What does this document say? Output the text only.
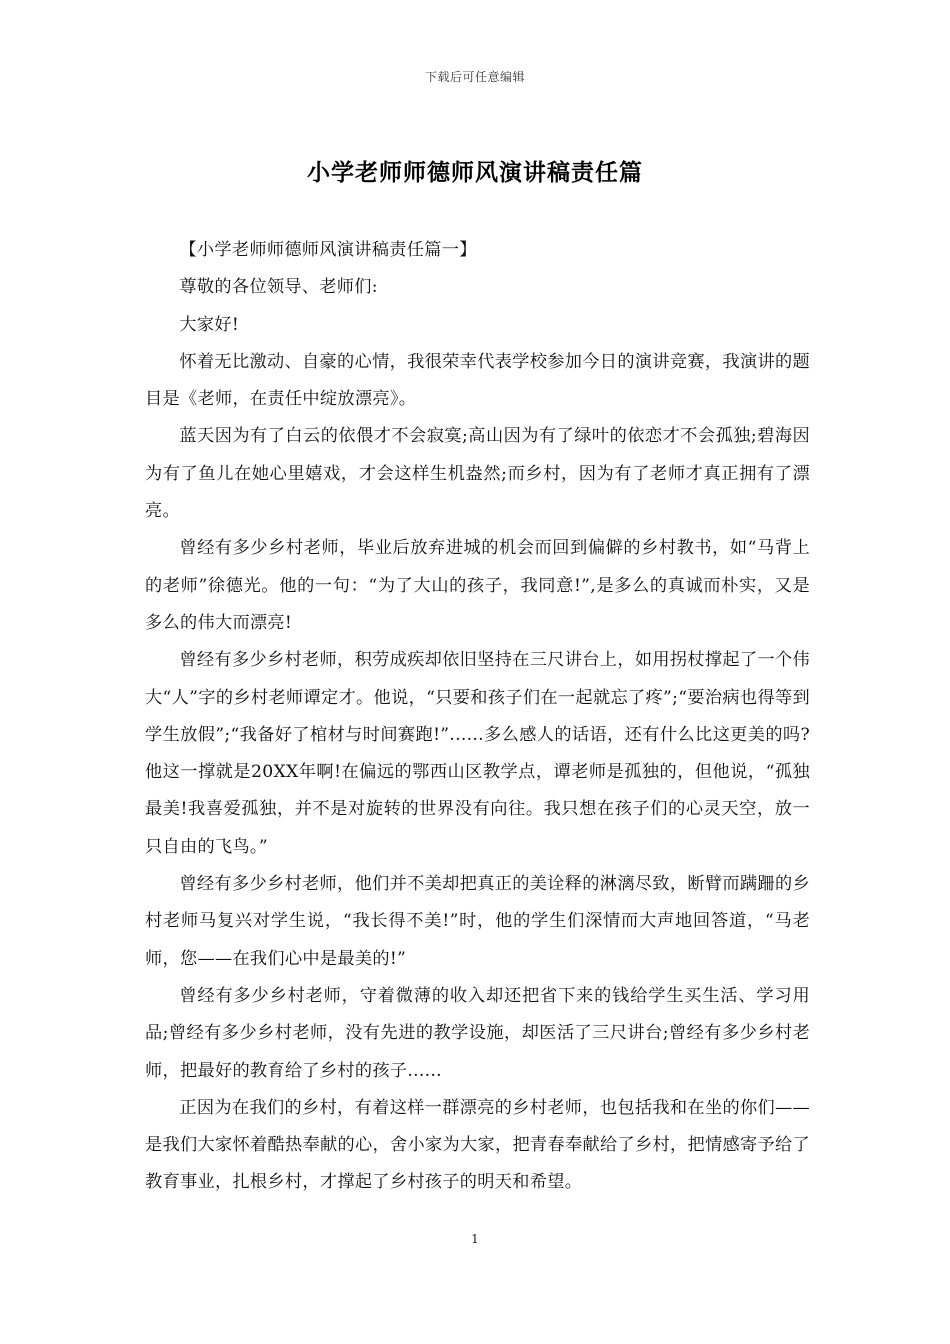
下载后可任意编辑
小学老师师德师风演讲稿责任篇

【小学老师师德师风演讲稿责任篇一】

尊敬的各位领导、老师们:

大家好!

怀着无比激动、自豪的心情，我很荣幸代表学校参加今日的演讲竞赛，我演讲的题目是《老师，在责任中绽放漂亮》。

蓝天因为有了白云的依偎才不会寂寞;高山因为有了绿叶的依恋才不会孤独;碧海因为有了鱼儿在她心里嬉戏，才会这样生机盎然;而乡村，因为有了老师才真正拥有了漂亮。

曾经有多少乡村老师，毕业后放弃进城的机会而回到偏僻的乡村教书，如“马背上的老师”徐德光。他的一句：“为了大山的孩子，我同意!”,是多么的真诚而朴实，又是多么的伟大而漂亮!

曾经有多少乡村老师，积劳成疾却依旧坚持在三尺讲台上，如用拐杖撑起了一个伟大“人”字的乡村老师谭定才。他说，“只要和孩子们在一起就忘了疼”;“要治病也得等到学生放假”;“我备好了棺材与时间赛跑!”......多么感人的话语，还有什么比这更美的吗?他这一撑就是20XX年啊!在偏远的鄂西山区教学点，谭老师是孤独的，但他说，“孤独最美!我喜爱孤独，并不是对旋转的世界没有向往。我只想在孩子们的心灵天空，放一只自由的飞鸟。”

曾经有多少乡村老师，他们并不美却把真正的美诠释的淋漓尽致，断臂而蹒跚的乡村老师马复兴对学生说，“我长得不美!”时，他的学生们深情而大声地回答道，“马老师，您——在我们心中是最美的!”

曾经有多少乡村老师，守着微薄的收入却还把省下来的钱给学生买生活、学习用品;曾经有多少乡村老师，没有先进的教学设施，却医活了三尺讲台;曾经有多少乡村老师，把最好的教育给了乡村的孩子......

正因为在我们的乡村，有着这样一群漂亮的乡村老师，也包括我和在坐的你们——是我们大家怀着酷热奉献的心，舍小家为大家，把青春奉献给了乡村，把情感寄予给了教育事业，扎根乡村，才撑起了乡村孩子的明天和希望。

1
